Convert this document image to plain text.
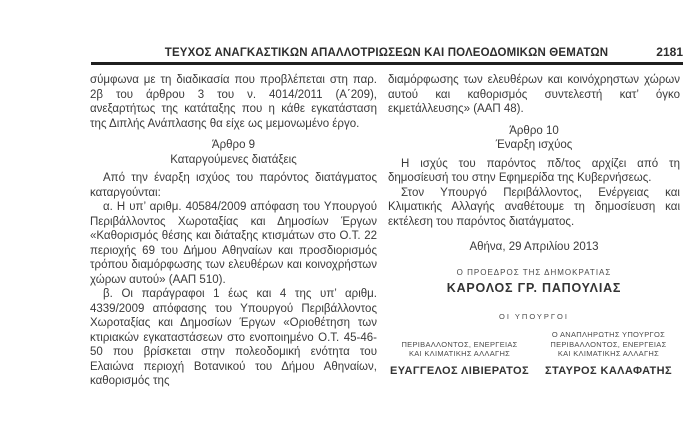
ΤΕΥΧΟΣ ΑΝΑΓΚΑΣΤΙΚΩΝ ΑΠΑΛΛΟΤΡΙΩΣΕΩΝ ΚΑΙ ΠΟΛΕΟΔΟΜΙΚΩΝ ΘΕΜΑΤΩΝ	2181

σύμφωνα με τη διαδικασία που προβλέπεται στη παρ. 2β του άρθρου 3 του ν. 4014/2011 (Α΄209), ανεξαρτήτως της κατάταξης που η κάθε εγκατάσταση της Διπλής Ανάπλασης θα είχε ως μεμονωμένο έργο.

Άρθρο 9
Καταργούμενες διατάξεις

Από την έναρξη ισχύος του παρόντος διατάγματος καταργούνται:

α. Η υπ’ αριθμ. 40584/2009 απόφαση του Υπουργού Περιβάλλοντος Χωροταξίας και Δημοσίων Έργων «Καθορισμός θέσης και διάταξης κτισμάτων στο Ο.Τ. 22 περιοχής 69 του Δήμου Αθηναίων και προσδιορισμός τρόπου διαμόρφωσης των ελευθέρων και κοινοχρήστων χώρων αυτού» (ΑΑΠ 510).

β. Οι παράγραφοι 1 έως και 4 της υπ’ αριθμ. 4339/2009 απόφασης του Υπουργού Περιβάλλοντος Χωροταξίας και Δημοσίων Έργων «Οριοθέτηση των κτιριακών εγκαταστάσεων στο ενοποιημένο Ο.Τ. 45-46-50 που βρίσκεται στην πολεοδομική ενότητα του Ελαιώνα περιοχή Βοτανικού του Δήμου Αθηναίων, καθορισμός της

διαμόρφωσης των ελευθέρων και κοινόχρηστων χώρων αυτού και καθορισμός συντελεστή κατ’ όγκο εκμετάλλευσης» (ΑΑΠ 48).

Άρθρο 10
Έναρξη ισχύος

Η ισχύς του παρόντος πδ/τος αρχίζει από τη δημοσίευσή του στην Εφημερίδα της Κυβερνήσεως.

Στον Υπουργό Περιβάλλοντος, Ενέργειας και Κλιματικής Αλλαγής αναθέτουμε τη δημοσίευση και εκτέλεση του παρόντος διατάγματος.

Αθήνα, 29 Απριλίου 2013

Ο ΠΡΟΕΔΡΟΣ ΤΗΣ ΔΗΜΟΚΡΑΤΙΑΣ
ΚΑΡΟΛΟΣ ΓΡ. ΠΑΠΟΥΛΙΑΣ
ΟΙ ΥΠΟΥΡΓΟΙ
ΠΕΡΙΒΑΛΛΟΝΤΟΣ, ΕΝΕΡΓΕΙΑΣ ΚΑΙ ΚΛΙΜΑΤΙΚΗΣ ΑΛΛΑΓΗΣ
ΕΥΑΓΓΕΛΟΣ ΛΙΒΙΕΡΑΤΟΣ
Ο ΑΝΑΠΛΗΡΩΤΗΣ ΥΠΟΥΡΓΟΣ ΠΕΡΙΒΑΛΛΟΝΤΟΣ, ΕΝΕΡΓΕΙΑΣ ΚΑΙ ΚΛΙΜΑΤΙΚΗΣ ΑΛΛΑΓΗΣ
ΣΤΑΥΡΟΣ ΚΑΛΑΦΑΤΗΣ
